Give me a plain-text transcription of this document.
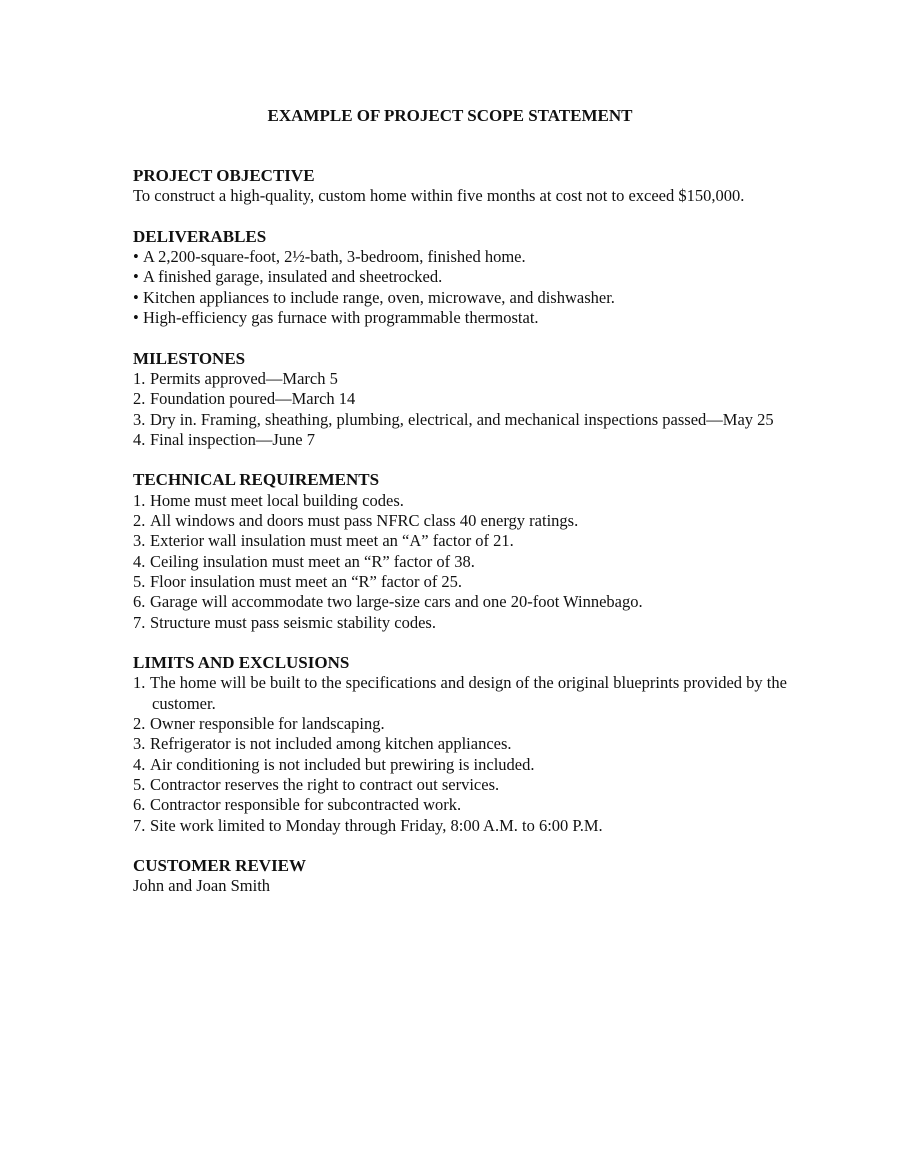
EXAMPLE OF PROJECT SCOPE STATEMENT
PROJECT OBJECTIVE

To construct a high-quality, custom home within five months at cost not to exceed $150,000.

DELIVERABLES
• A 2,200-square-foot, 2½-bath, 3-bedroom, finished home.
• A finished garage, insulated and sheetrocked.
• Kitchen appliances to include range, oven, microwave, and dishwasher.
• High-efficiency gas furnace with programmable thermostat.
MILESTONES
1. Permits approved—March 5
2. Foundation poured—March 14
3. Dry in. Framing, sheathing, plumbing, electrical, and mechanical inspections passed—May 25
4. Final inspection—June 7
TECHNICAL REQUIREMENTS
1. Home must meet local building codes.
2. All windows and doors must pass NFRC class 40 energy ratings.
3. Exterior wall insulation must meet an “A” factor of 21.
4. Ceiling insulation must meet an “R” factor of 38.
5. Floor insulation must meet an “R” factor of 25.
6. Garage will accommodate two large-size cars and one 20-foot Winnebago.
7. Structure must pass seismic stability codes.
LIMITS AND EXCLUSIONS
1. The home will be built to the specifications and design of the original blueprints provided by the customer.
2. Owner responsible for landscaping.
3. Refrigerator is not included among kitchen appliances.
4. Air conditioning is not included but prewiring is included.
5. Contractor reserves the right to contract out services.
6. Contractor responsible for subcontracted work.
7. Site work limited to Monday through Friday, 8:00 A.M. to 6:00 P.M.
CUSTOMER REVIEW

John and Joan Smith
